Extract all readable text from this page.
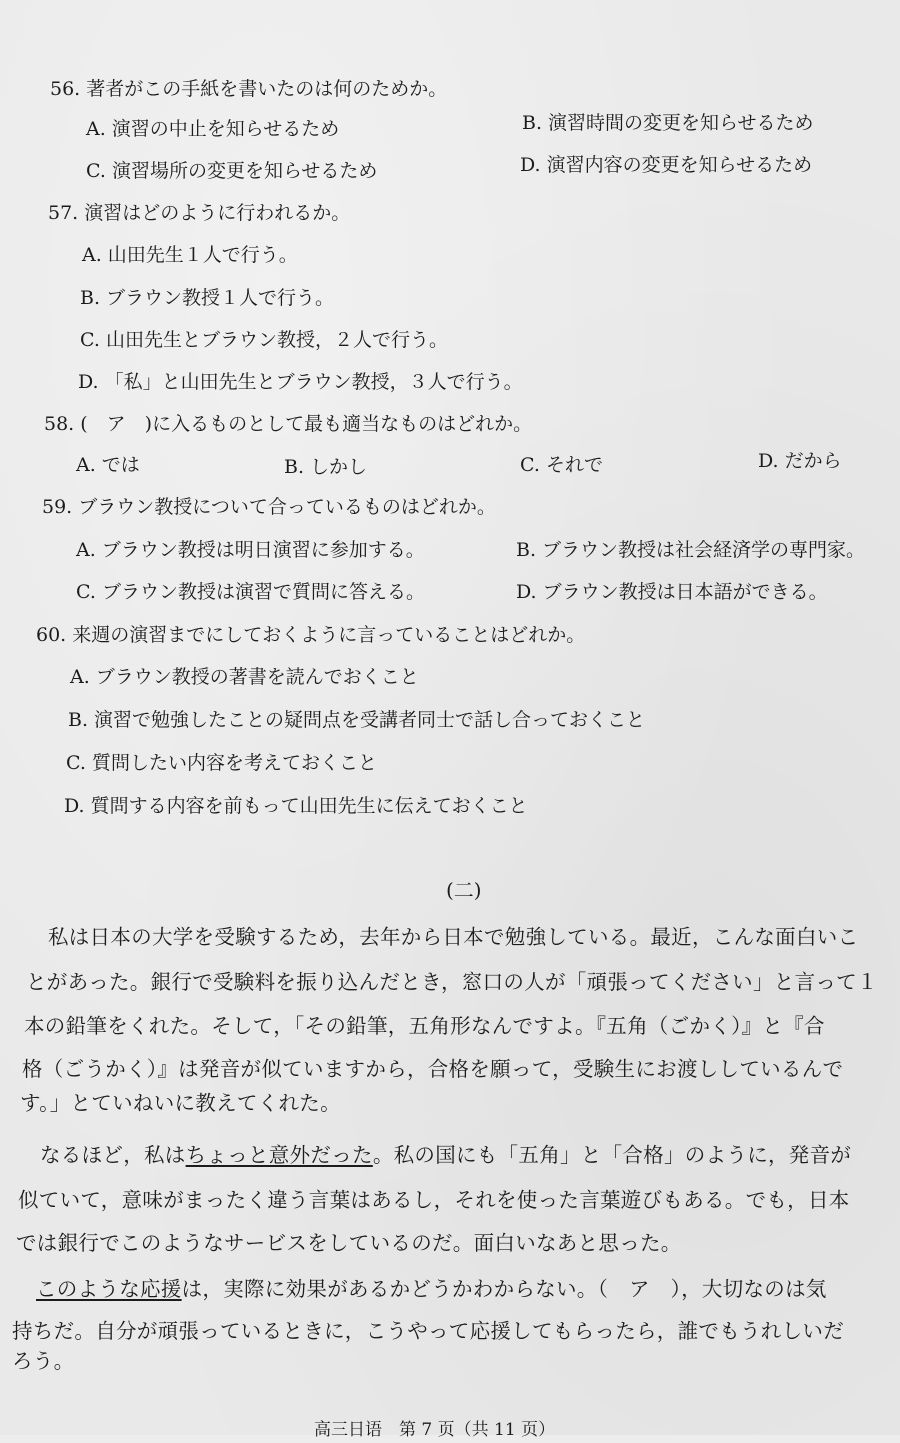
56. 著者がこの手紙を書いたのは何のためか。
A. 演習の中止を知らせるため	B. 演習時間の変更を知らせるため
C. 演習場所の変更を知らせるため	D. 演習内容の変更を知らせるため
57. 演習はどのように行われるか。
A. 山田先生１人で行う。
B. ブラウン教授１人で行う。
C. 山田先生とブラウン教授，２人で行う。
D. 「私」と山田先生とブラウン教授，３人で行う。
58. (　ア　)に入るものとして最も適当なものはどれか。
A. では	B. しかし	C. それで	D. だから
59. ブラウン教授について合っているものはどれか。
A. ブラウン教授は明日演習に参加する。	B. ブラウン教授は社会経済学の専門家。
C. ブラウン教授は演習で質問に答える。	D. ブラウン教授は日本語ができる。
60. 来週の演習までにしておくように言っていることはどれか。
A. ブラウン教授の著書を読んでおくこと
B. 演習で勉強したことの疑問点を受講者同士で話し合っておくこと
C. 質問したい内容を考えておくこと
D. 質問する内容を前もって山田先生に伝えておくこと
(二)
私は日本の大学を受験するため，去年から日本で勉強している。最近，こんな面白いこ
とがあった。銀行で受験料を振り込んだとき，窓口の人が「頑張ってください」と言って１
本の鉛筆をくれた。そして，「その鉛筆，五角形なんですよ。『五角（ごかく）』と『合
格（ごうかく）』は発音が似ていますから，合格を願って，受験生にお渡ししているんで
す。」とていねいに教えてくれた。
なるほど，私はちょっと意外だった。私の国にも「五角」と「合格」のように，発音が
似ていて，意味がまったく違う言葉はあるし，それを使った言葉遊びもある。でも，日本
では銀行でこのようなサービスをしているのだ。面白いなあと思った。
このような応援は，実際に効果があるかどうかわからない。（　ア　），大切なのは気
持ちだ。自分が頑張っているときに，こうやって応援してもらったら，誰でもうれしいだ
ろう。
高三日语　第 7 页（共 11 页）
